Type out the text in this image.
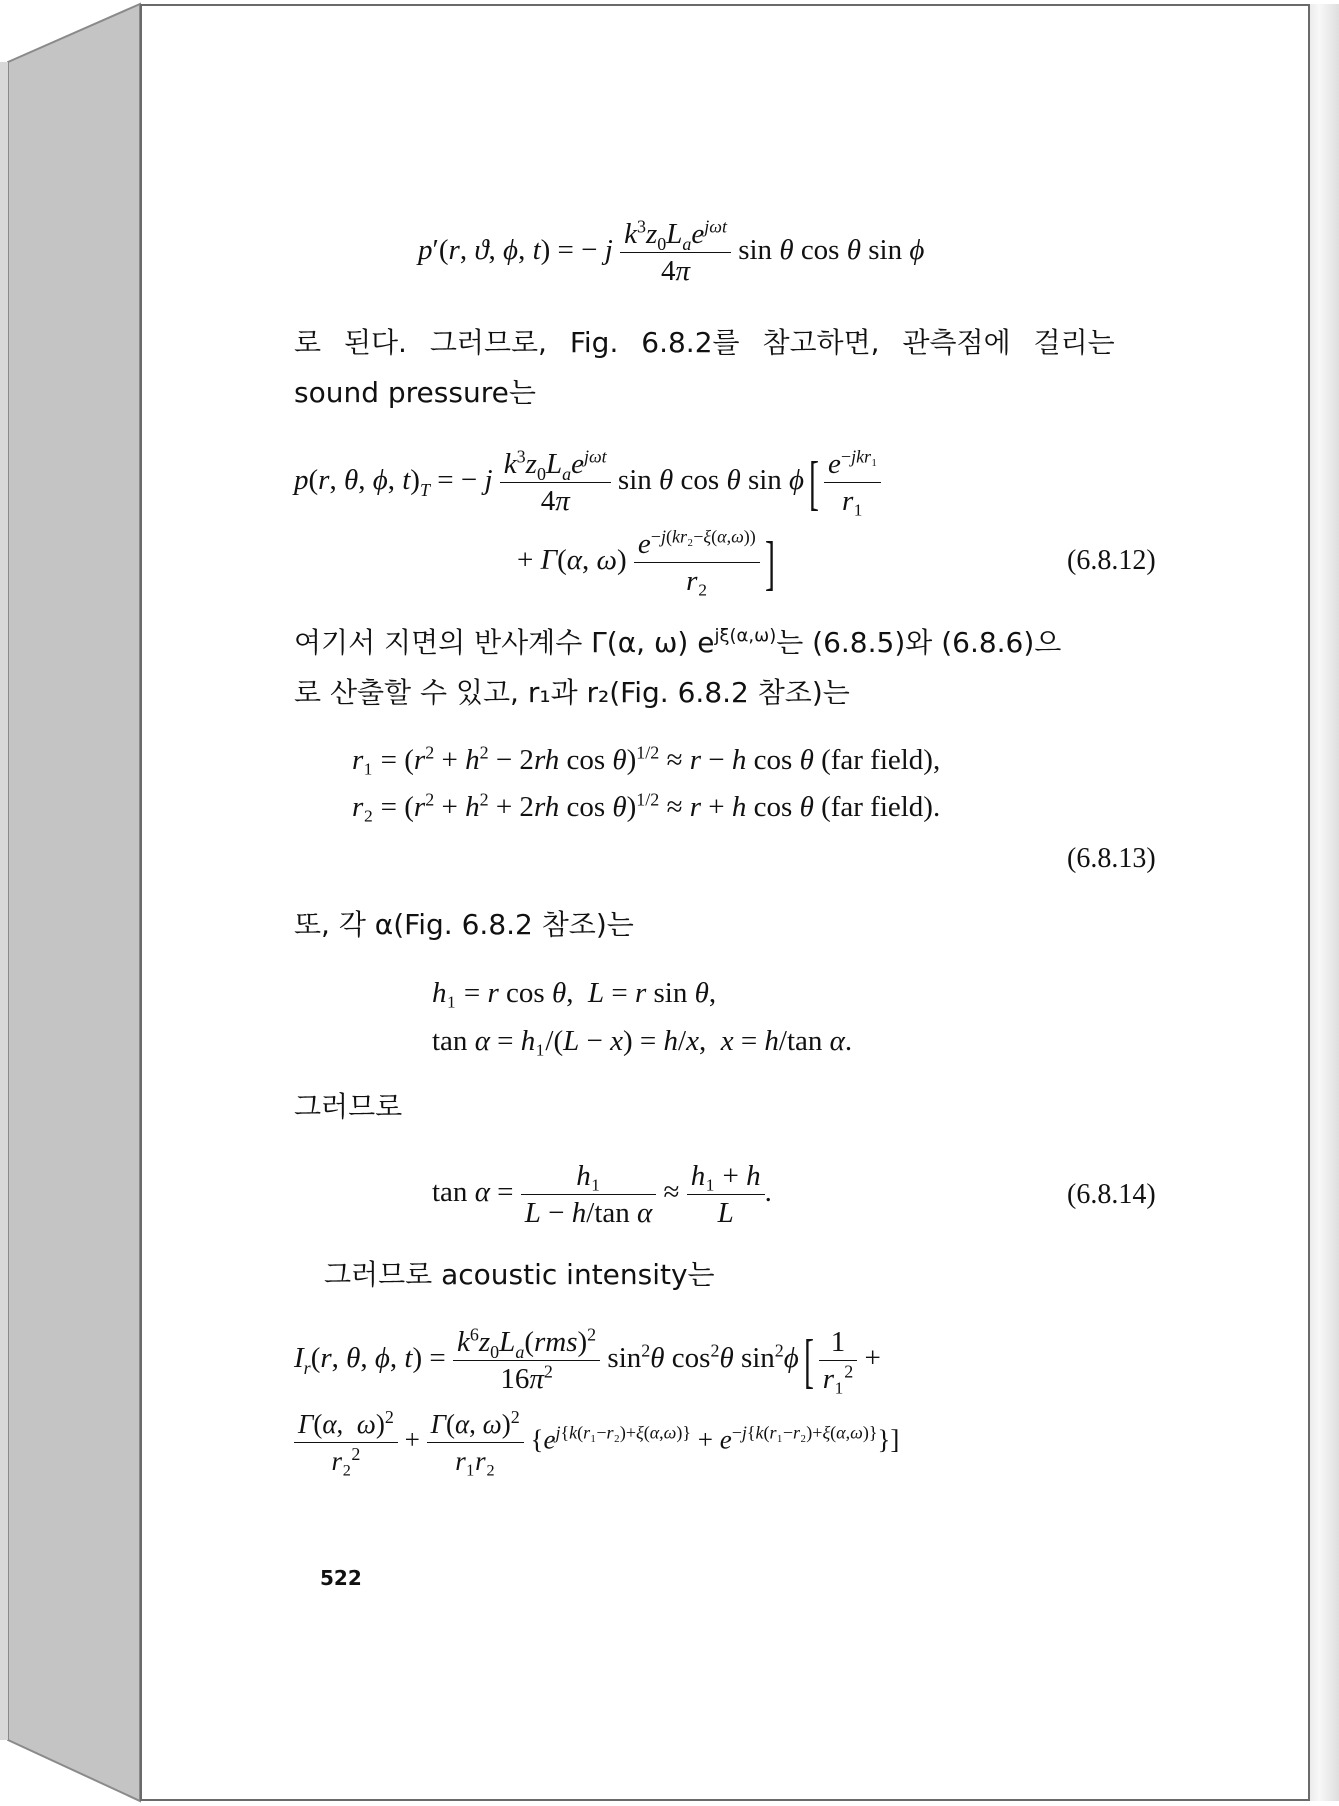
p′(r, ϑ, ϕ, t) = − j $\frac{k^3z_0L_ae^{j\omega t}}{4\pi}$ sin θ cos θ sin ϕ
로 된다. 그러므로, Fig. 6.8.2를 참고하면, 관측점에 걸리는
sound pressure는
p(r, θ, ϕ, $t)_T$ = − j $\frac{k^3z_0L_ae^{j\omega t}}{4\pi}$ sin θ cos θ $\sin \phi[ \frac{e^{-jkr_1}}{\text{r₁}}$
+ Γ(α, $\omega) \frac{e^{-j(kr_2-\xi(\alpha,\omega))}}{\text{r₂}}$ ]	(6.8.12)
여기서 지면의 반사계수 Γ(α, ω) $e^{j\xi(\alpha,\omega)}$는 (6.8.5)와 (6.8.6)으
로 산출할 수 있고, r₁과 r₂(Fig. 6.8.2 참조)는
$r_1 = (r^2 + h^2 - 2rh$ cos θ)$^{1/2}$ ≈ r − h cos θ (far field),
$r_2 = (r^2 + h^2 + 2rh$ cos θ)$^{1/2}$ ≈ r + h cos θ (far field).
(6.8.13)
또, 각 α(Fig. 6.8.2 참조)는
h₁ = r cos θ,  L = r sin θ,
tan α = h₁/(L − x) = h/x,  x = h/tan α.
그러므로
$\tan \alpha = \frac{\text{h₁}}{\text{L − h/tan α}} \approx \frac{\text{h₁ + h}}{L}$ .	(6.8.14)
그러므로 acoustic intensity는
$I_r(r$, θ, ϕ, $t) = \frac{k^6z_0L_a(rms)^2}{16\pi^2} \sin^2\theta$ $\cos^2\theta$ $\sin^2\phi[ \frac{1}{r_1^2}$ +
$\frac{\Gamma(\alpha, \omega)^2}{r_2^2} + \frac{\Gamma(\alpha, \omega)^2}{\text{r₁r₂}} \{e^{j\{k(r_1-r_2)+\xi(\alpha,\omega)\}} + e^{-j\{k(r_1-r_2)+\xi(\alpha,\omega)\}}\}$]
522
